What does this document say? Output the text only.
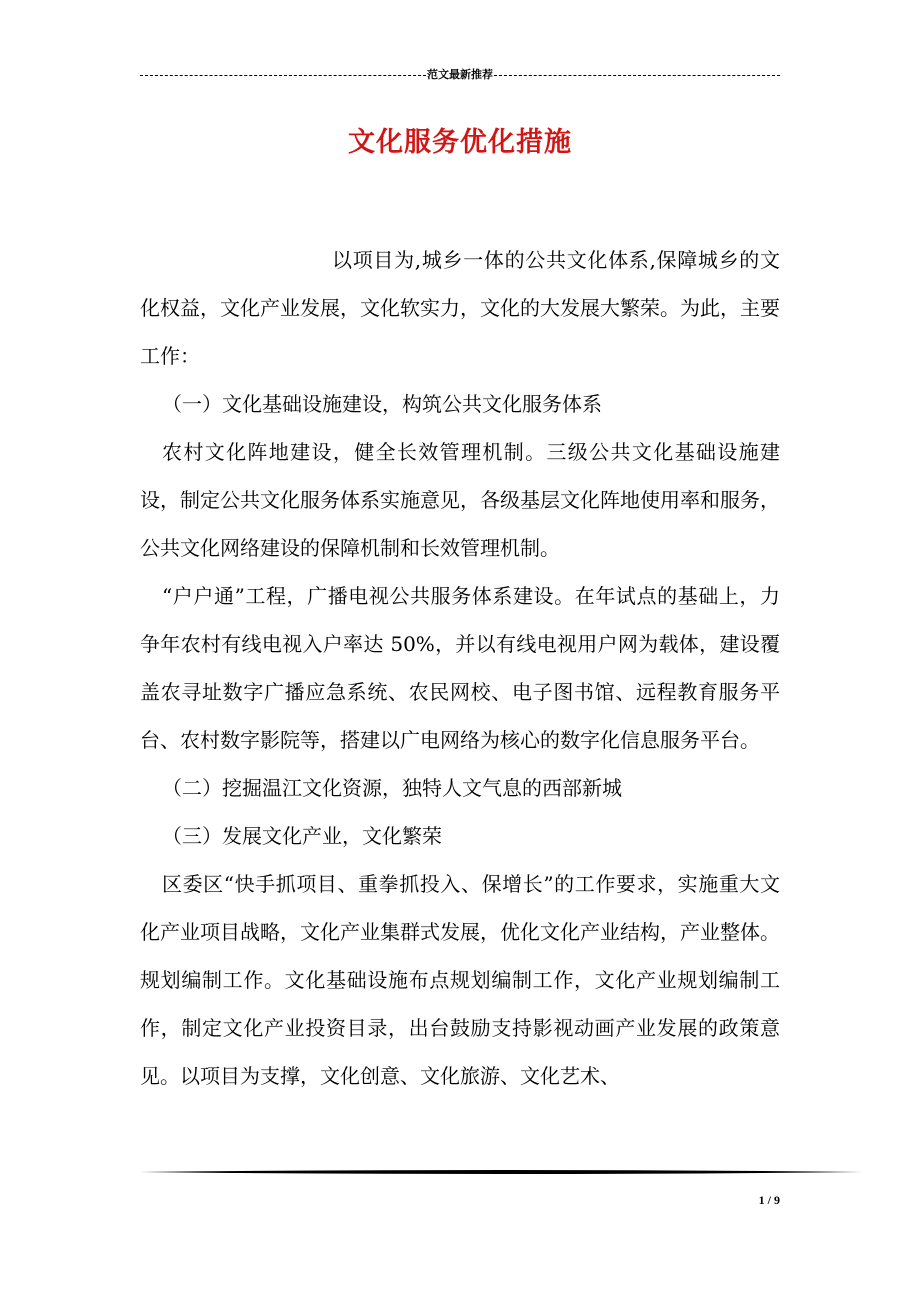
范文最新推荐
文化服务优化措施

以项目为,城乡一体的公共文化体系,保障城乡的文化权益，文化产业发展，文化软实力，文化的大发展大繁荣。为此，主要工作：

（一）文化基础设施建设，构筑公共文化服务体系

农村文化阵地建设，健全长效管理机制。三级公共文化基础设施建设，制定公共文化服务体系实施意见，各级基层文化阵地使用率和服务，公共文化网络建设的保障机制和长效管理机制。

“户户通”工程，广播电视公共服务体系建设。在年试点的基础上，力争年农村有线电视入户率达 50%，并以有线电视用户网为载体，建设覆盖农寻址数字广播应急系统、农民网校、电子图书馆、远程教育服务平台、农村数字影院等，搭建以广电网络为核心的数字化信息服务平台。

（二）挖掘温江文化资源，独特人文气息的西部新城

（三）发展文化产业，文化繁荣

区委区“快手抓项目、重拳抓投入、保增长”的工作要求，实施重大文化产业项目战略，文化产业集群式发展，优化文化产业结构，产业整体。规划编制工作。文化基础设施布点规划编制工作，文化产业规划编制工作，制定文化产业投资目录，出台鼓励支持影视动画产业发展的政策意见。以项目为支撑，文化创意、文化旅游、文化艺术、

1 / 9
